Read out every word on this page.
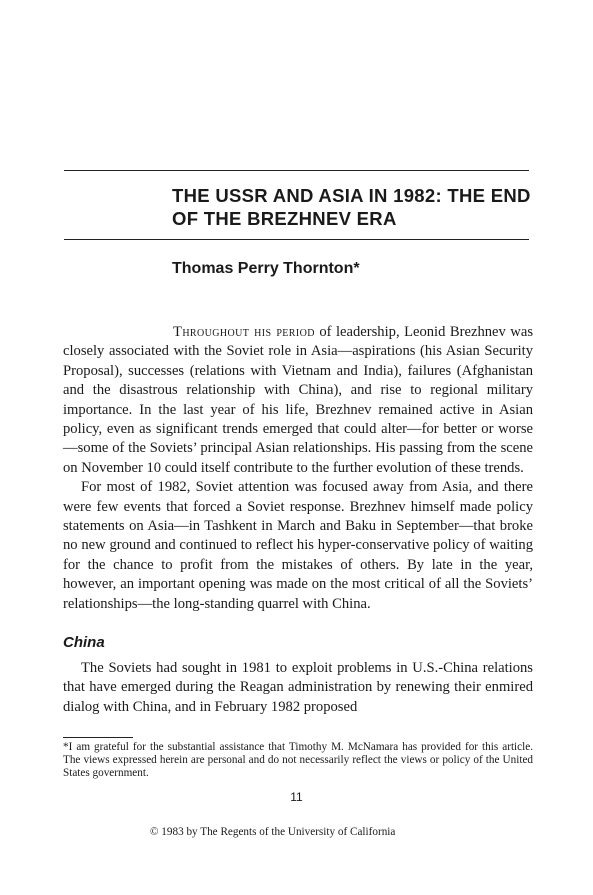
THE USSR AND ASIA IN 1982: THE END OF THE BREZHNEV ERA
Thomas Perry Thornton*

Throughout his period of leadership, Leonid Brezhnev was closely associated with the Soviet role in Asia—aspirations (his Asian Security Proposal), successes (relations with Vietnam and India), failures (Afghanistan and the disastrous relationship with China), and rise to regional military importance. In the last year of his life, Brezhnev remained active in Asian policy, even as significant trends emerged that could alter—for better or worse—some of the Soviets’ principal Asian relationships. His passing from the scene on November 10 could itself contribute to the further evolution of these trends.

For most of 1982, Soviet attention was focused away from Asia, and there were few events that forced a Soviet response. Brezhnev himself made policy statements on Asia—in Tashkent in March and Baku in September—that broke no new ground and continued to reflect his hyper-conservative policy of waiting for the chance to profit from the mistakes of others. By late in the year, however, an important opening was made on the most critical of all the Soviets’ relationships—the long-standing quarrel with China.

China
The Soviets had sought in 1981 to exploit problems in U.S.-China relations that have emerged during the Reagan administration by renewing their enmired dialog with China, and in February 1982 proposed
*I am grateful for the substantial assistance that Timothy M. McNamara has provided for this article. The views expressed herein are personal and do not necessarily reflect the views or policy of the United States government.
11
© 1983 by The Regents of the University of California
